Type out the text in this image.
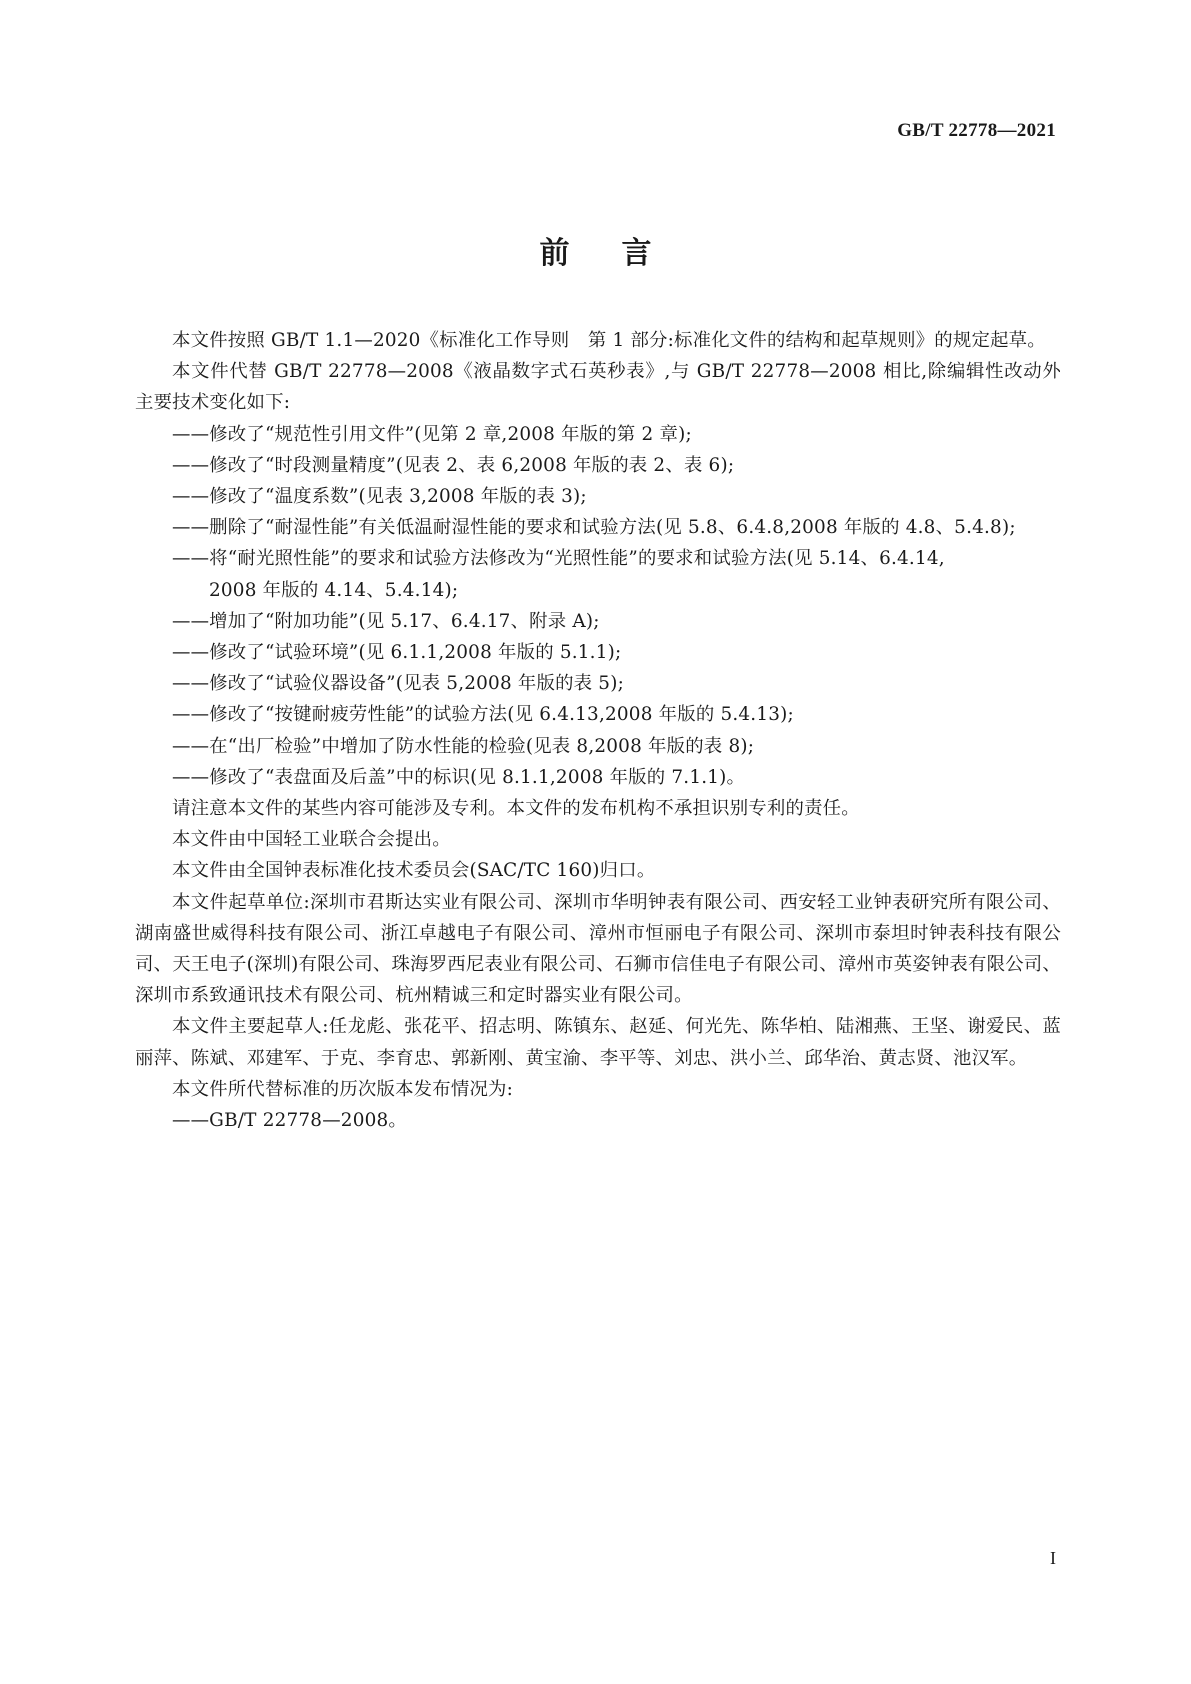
GB/T 22778—2021
前 言

本文件按照 GB/T 1.1—2020《标准化工作导则　第 1 部分:标准化文件的结构和起草规则》的规定起草。

本文件代替 GB/T 22778—2008《液晶数字式石英秒表》,与 GB/T 22778—2008 相比,除编辑性改动外主要技术变化如下:

——修改了“规范性引用文件”(见第 2 章,2008 年版的第 2 章);
——修改了“时段测量精度”(见表 2、表 6,2008 年版的表 2、表 6);
——修改了“温度系数”(见表 3,2008 年版的表 3);
——删除了“耐湿性能”有关低温耐湿性能的要求和试验方法(见 5.8、6.4.8,2008 年版的 4.8、5.4.8);
——将“耐光照性能”的要求和试验方法修改为“光照性能”的要求和试验方法(见 5.14、6.4.14,
2008 年版的 4.14、5.4.14);
——增加了“附加功能”(见 5.17、6.4.17、附录 A);
——修改了“试验环境”(见 6.1.1,2008 年版的 5.1.1);
——修改了“试验仪器设备”(见表 5,2008 年版的表 5);
——修改了“按键耐疲劳性能”的试验方法(见 6.4.13,2008 年版的 5.4.13);
——在“出厂检验”中增加了防水性能的检验(见表 8,2008 年版的表 8);
——修改了“表盘面及后盖”中的标识(见 8.1.1,2008 年版的 7.1.1)。

请注意本文件的某些内容可能涉及专利。本文件的发布机构不承担识别专利的责任。

本文件由中国轻工业联合会提出。

本文件由全国钟表标准化技术委员会(SAC/TC 160)归口。

本文件起草单位:深圳市君斯达实业有限公司、深圳市华明钟表有限公司、西安轻工业钟表研究所有限公司、湖南盛世威得科技有限公司、浙江卓越电子有限公司、漳州市恒丽电子有限公司、深圳市泰坦时钟表科技有限公司、天王电子(深圳)有限公司、珠海罗西尼表业有限公司、石狮市信佳电子有限公司、漳州市英姿钟表有限公司、深圳市系致通讯技术有限公司、杭州精诚三和定时器实业有限公司。

本文件主要起草人:任龙彪、张花平、招志明、陈镇东、赵延、何光先、陈华柏、陆湘燕、王坚、谢爱民、蓝丽萍、陈斌、邓建军、于克、李育忠、郭新刚、黄宝渝、李平等、刘忠、洪小兰、邱华治、黄志贤、池汉军。

本文件所代替标准的历次版本发布情况为:

——GB/T 22778—2008。
I
